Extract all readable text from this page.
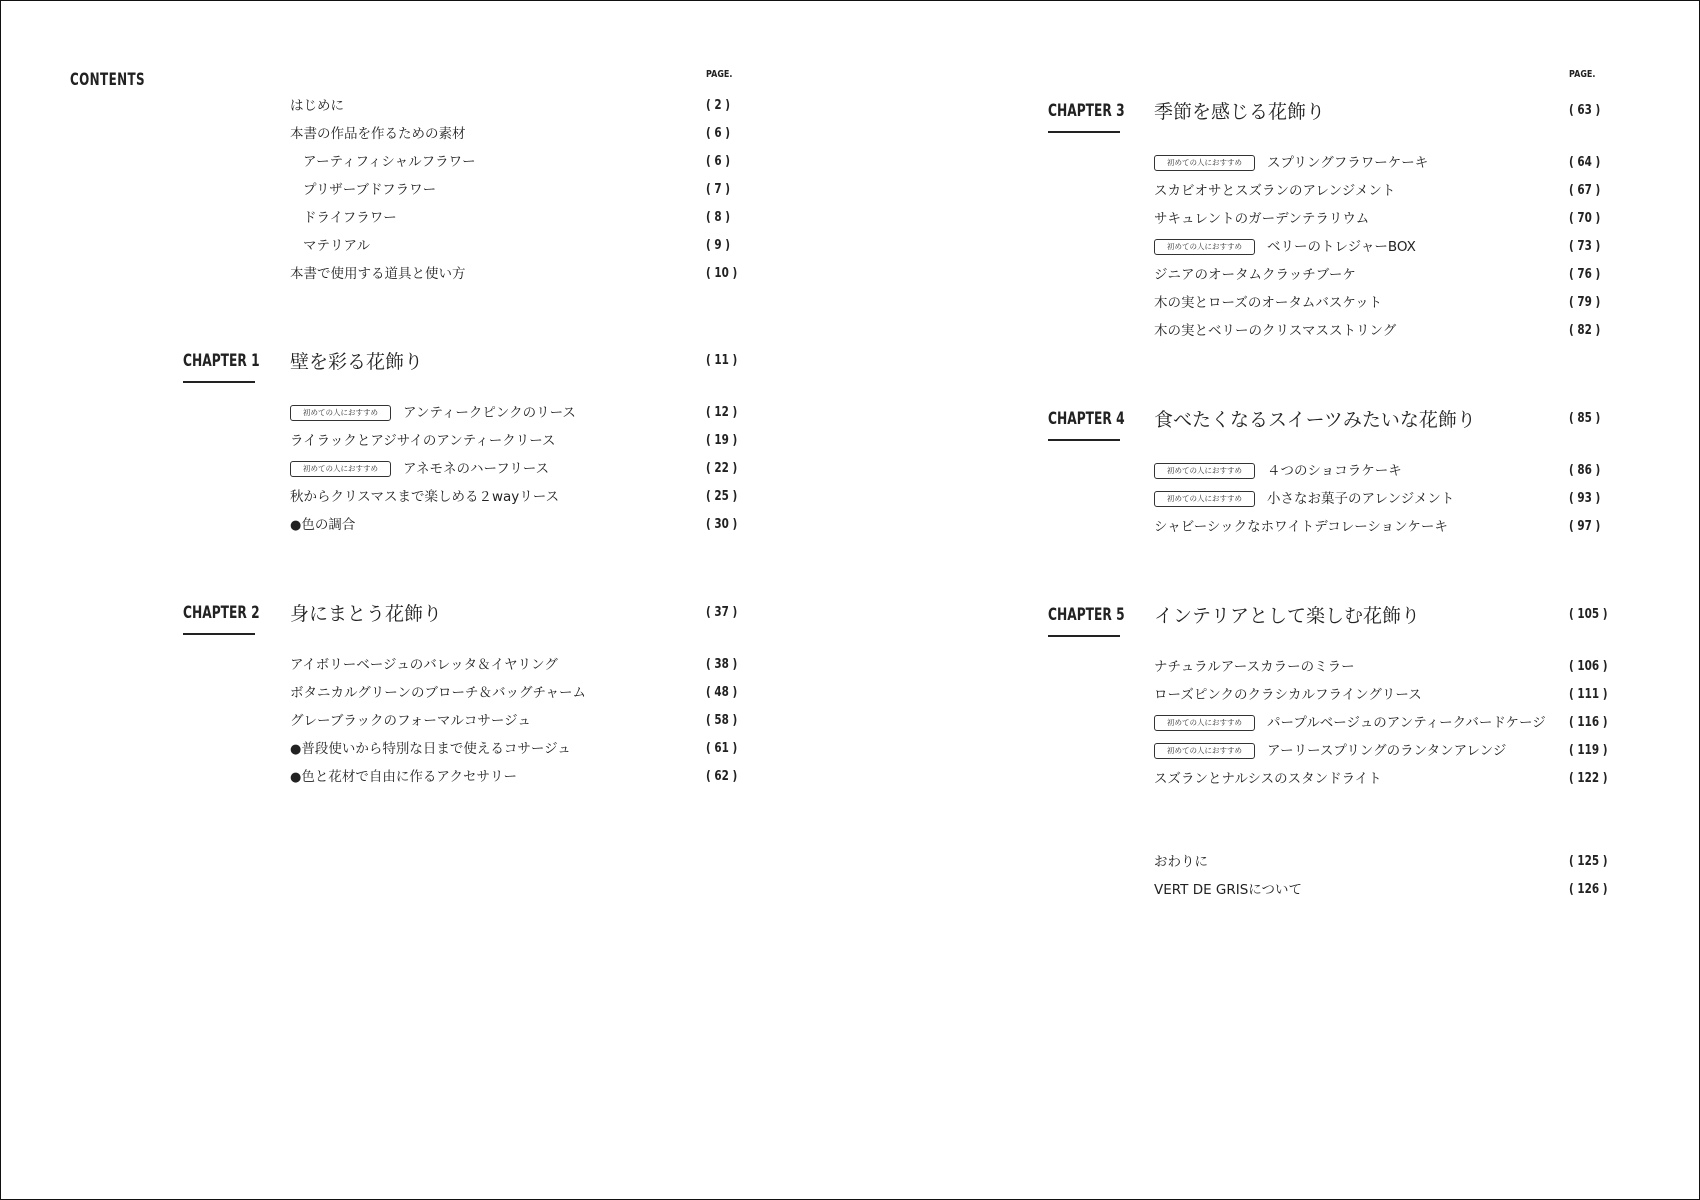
CONTENTS	PAGE.	PAGE.
はじめに	( 2 )
本書の作品を作るための素材	( 6 )
アーティフィシャルフラワー	( 6 )
プリザーブドフラワー	( 7 )
ドライフラワー	( 8 )
マテリアル	( 9 )
本書で使用する道具と使い方	( 10 )
CHAPTER 1 壁を彩る花飾り	( 11 )
初めての人におすすめ	アンティークピンクのリース	( 12 )
ライラックとアジサイのアンティークリース	( 19 )
初めての人におすすめ	アネモネのハーフリース	( 22 )
秋からクリスマスまで楽しめる２wayリース	( 25 )
●色の調合	( 30 )
CHAPTER 2 身にまとう花飾り	( 37 )
アイボリーベージュのバレッタ＆イヤリング	( 38 )
ボタニカルグリーンのブローチ＆バッグチャーム	( 48 )
グレーブラックのフォーマルコサージュ	( 58 )
●普段使いから特別な日まで使えるコサージュ	( 61 )
●色と花材で自由に作るアクセサリー	( 62 )
CHAPTER 3 季節を感じる花飾り	( 63 )
初めての人におすすめ	スプリングフラワーケーキ	( 64 )
スカビオサとスズランのアレンジメント	( 67 )
サキュレントのガーデンテラリウム	( 70 )
初めての人におすすめ	ベリーのトレジャーBOX	( 73 )
ジニアのオータムクラッチブーケ	( 76 )
木の実とローズのオータムバスケット	( 79 )
木の実とベリーのクリスマスストリング	( 82 )
CHAPTER 4 食べたくなるスイーツみたいな花飾り	( 85 )
初めての人におすすめ	４つのショコラケーキ	( 86 )
初めての人におすすめ	小さなお菓子のアレンジメント	( 93 )
シャビーシックなホワイトデコレーションケーキ	( 97 )
CHAPTER 5 インテリアとして楽しむ花飾り	( 105 )
ナチュラルアースカラーのミラー	( 106 )
ローズピンクのクラシカルフライングリース	( 111 )
初めての人におすすめ	パープルベージュのアンティークバードケージ ( 116 )
初めての人におすすめ	アーリースプリングのランタンアレンジ	( 119 )
スズランとナルシスのスタンドライト	( 122 )
おわりに	( 125 )
VERT DE GRISについて	( 126 )
